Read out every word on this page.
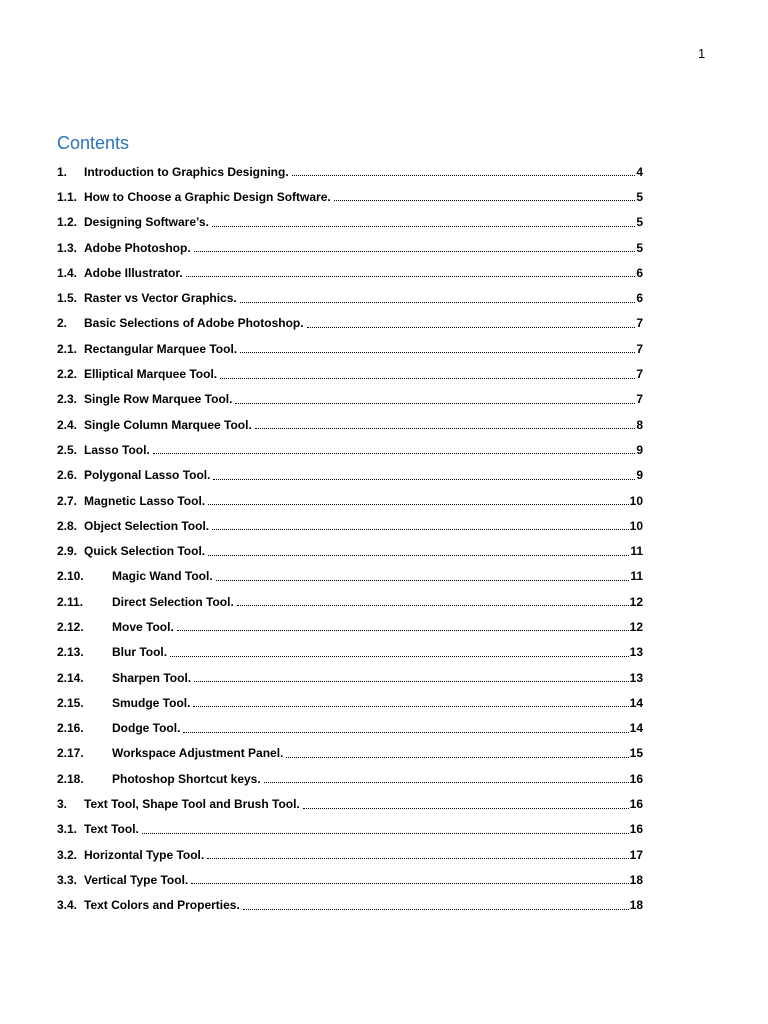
1
Contents
1.	Introduction to Graphics Designing.	4
1.1. How to Choose a Graphic Design Software.	5
1.2. Designing Software’s.	5
1.3. Adobe Photoshop.	5
1.4. Adobe Illustrator.	6
1.5. Raster vs Vector Graphics.	6
2.	Basic Selections of Adobe Photoshop.	7
2.1. Rectangular Marquee Tool.	7
2.2. Elliptical Marquee Tool.	7
2.3. Single Row Marquee Tool.	7
2.4. Single Column Marquee Tool.	8
2.5. Lasso Tool.	9
2.6. Polygonal Lasso Tool.	9
2.7. Magnetic Lasso Tool.	10
2.8. Object Selection Tool.	10
2.9. Quick Selection Tool.	11
2.10.	Magic Wand Tool.	11
2.11.	Direct Selection Tool.	12
2.12.	Move Tool.	12
2.13.	Blur Tool.	13
2.14.	Sharpen Tool.	13
2.15.	Smudge Tool.	14
2.16.	Dodge Tool.	14
2.17.	Workspace Adjustment Panel.	15
2.18.	Photoshop Shortcut keys.	16
3.	Text Tool, Shape Tool and Brush Tool.	16
3.1. Text Tool.	16
3.2. Horizontal Type Tool.	17
3.3. Vertical Type Tool.	18
3.4. Text Colors and Properties.	18
